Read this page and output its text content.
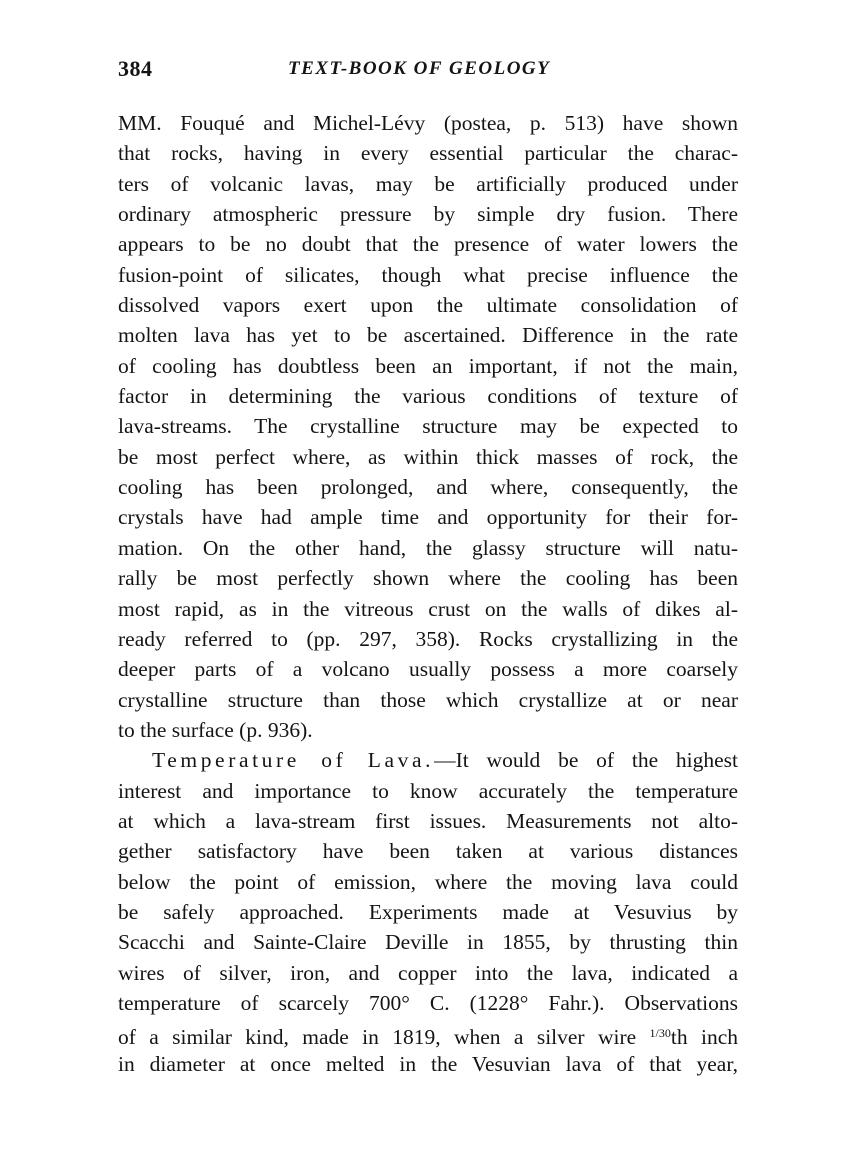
384	TEXT-BOOK OF GEOLOGY
MM. Fouqué and Michel-Lévy (postea, p. 513) have shown
that rocks, having in every essential particular the charac-
ters of volcanic lavas, may be artificially produced under
ordinary atmospheric pressure by simple dry fusion. There
appears to be no doubt that the presence of water lowers the
fusion-point of silicates, though what precise influence the
dissolved vapors exert upon the ultimate consolidation of
molten lava has yet to be ascertained. Difference in the rate
of cooling has doubtless been an important, if not the main,
factor in determining the various conditions of texture of
lava-streams. The crystalline structure may be expected to
be most perfect where, as within thick masses of rock, the
cooling has been prolonged, and where, consequently, the
crystals have had ample time and opportunity for their for-
mation. On the other hand, the glassy structure will natu-
rally be most perfectly shown where the cooling has been
most rapid, as in the vitreous crust on the walls of dikes al-
ready referred to (pp. 297, 358). Rocks crystallizing in the
deeper parts of a volcano usually possess a more coarsely
crystalline structure than those which crystallize at or near
to the surface (p. 936).
Temperature of Lava.—It would be of the highest
interest and importance to know accurately the temperature
at which a lava-stream first issues. Measurements not alto-
gether satisfactory have been taken at various distances
below the point of emission, where the moving lava could
be safely approached. Experiments made at Vesuvius by
Scacchi and Sainte-Claire Deville in 1855, by thrusting thin
wires of silver, iron, and copper into the lava, indicated a
temperature of scarcely 700° C. (1228° Fahr.). Observations
of a similar kind, made in 1819, when a silver wire $^{1/30}$th inch
in diameter at once melted in the Vesuvian lava of that year,
